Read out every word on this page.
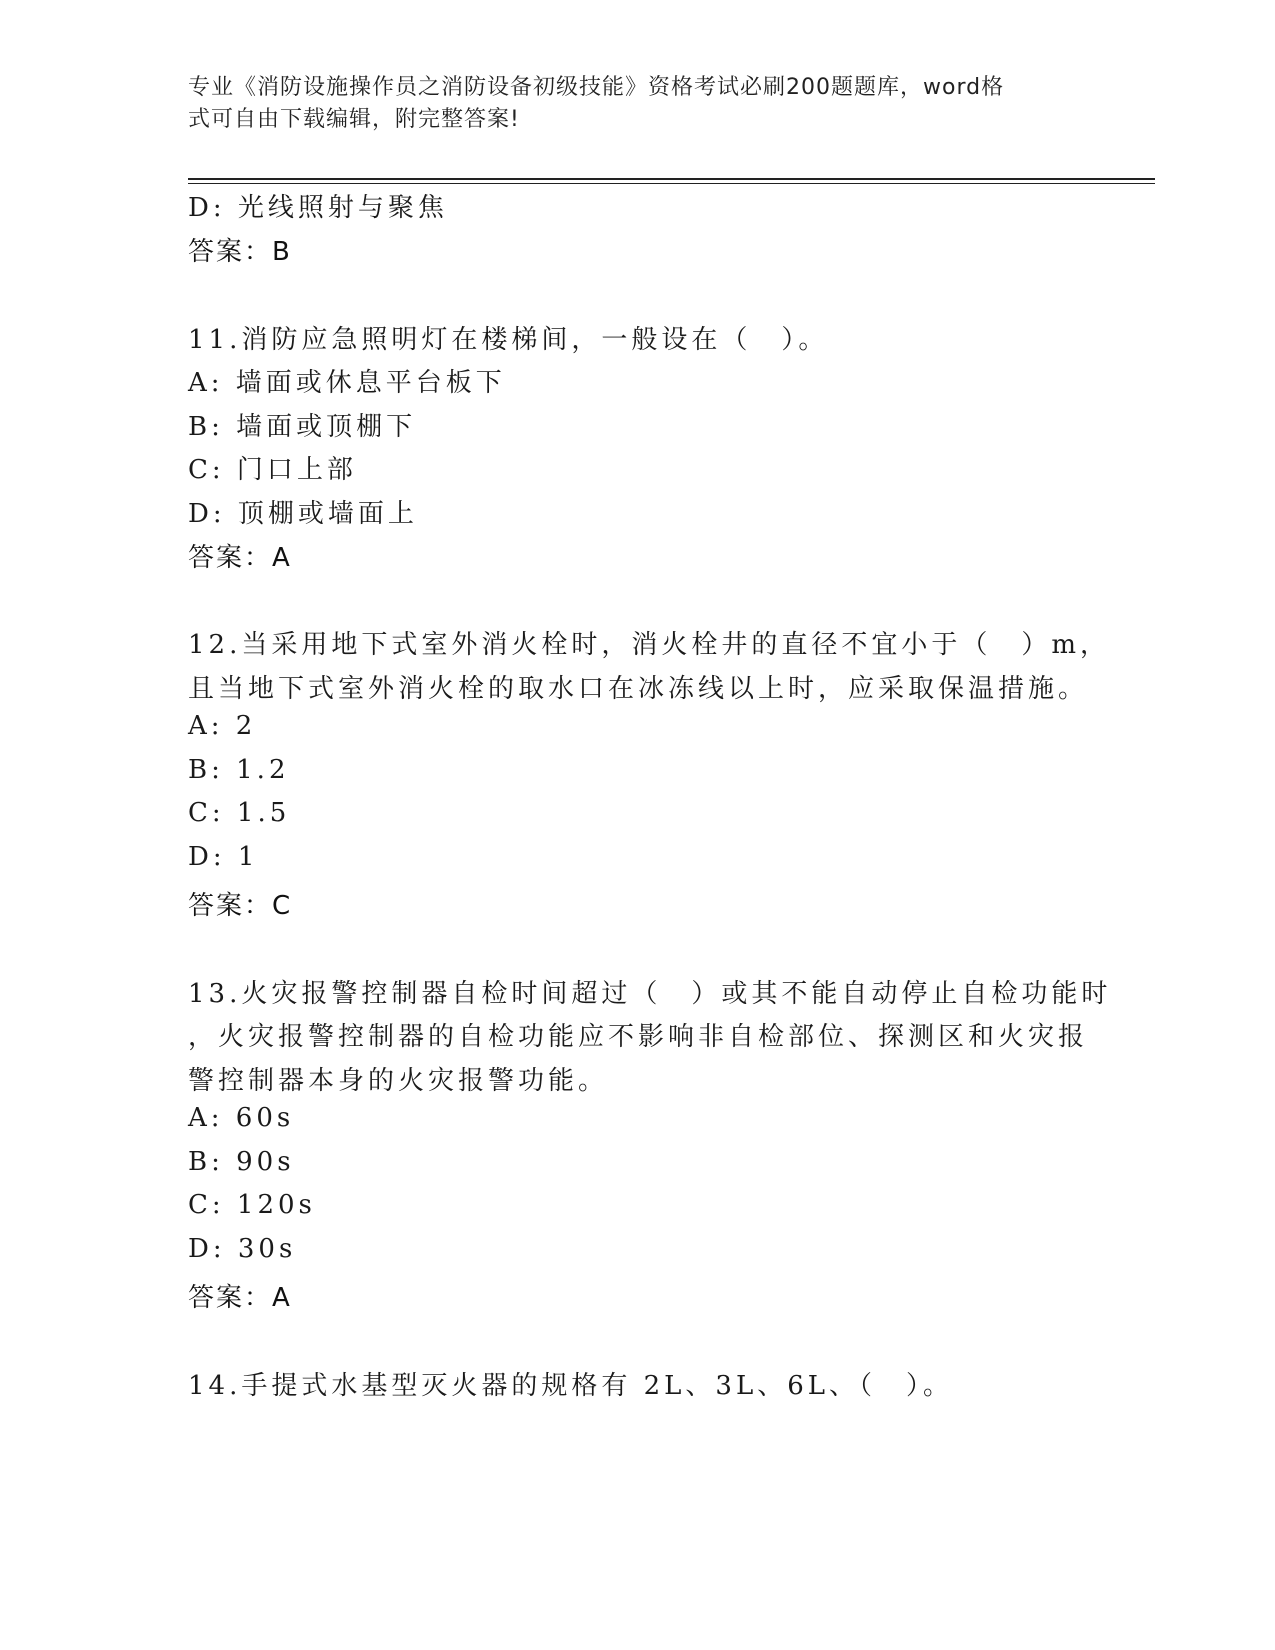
专业《消防设施操作员之消防设备初级技能》资格考试必刷200题题库，word格
式可自由下载编辑，附完整答案!
D: 光线照射与聚焦
答案：B
11.消防应急照明灯在楼梯间，一般设在（　）。
A: 墙面或休息平台板下
B: 墙面或顶棚下
C: 门口上部
D: 顶棚或墙面上
答案：A
12.当采用地下式室外消火栓时，消火栓井的直径不宜小于（　）m，
且当地下式室外消火栓的取水口在冰冻线以上时，应采取保温措施。
A: 2
B: 1.2
C: 1.5
D: 1
答案：C
13.火灾报警控制器自检时间超过（　）或其不能自动停止自检功能时
，火灾报警控制器的自检功能应不影响非自检部位、探测区和火灾报
警控制器本身的火灾报警功能。
A: 60s
B: 90s
C: 120s
D: 30s
答案：A
14.手提式水基型灭火器的规格有 2L、3L、6L、（　）。
